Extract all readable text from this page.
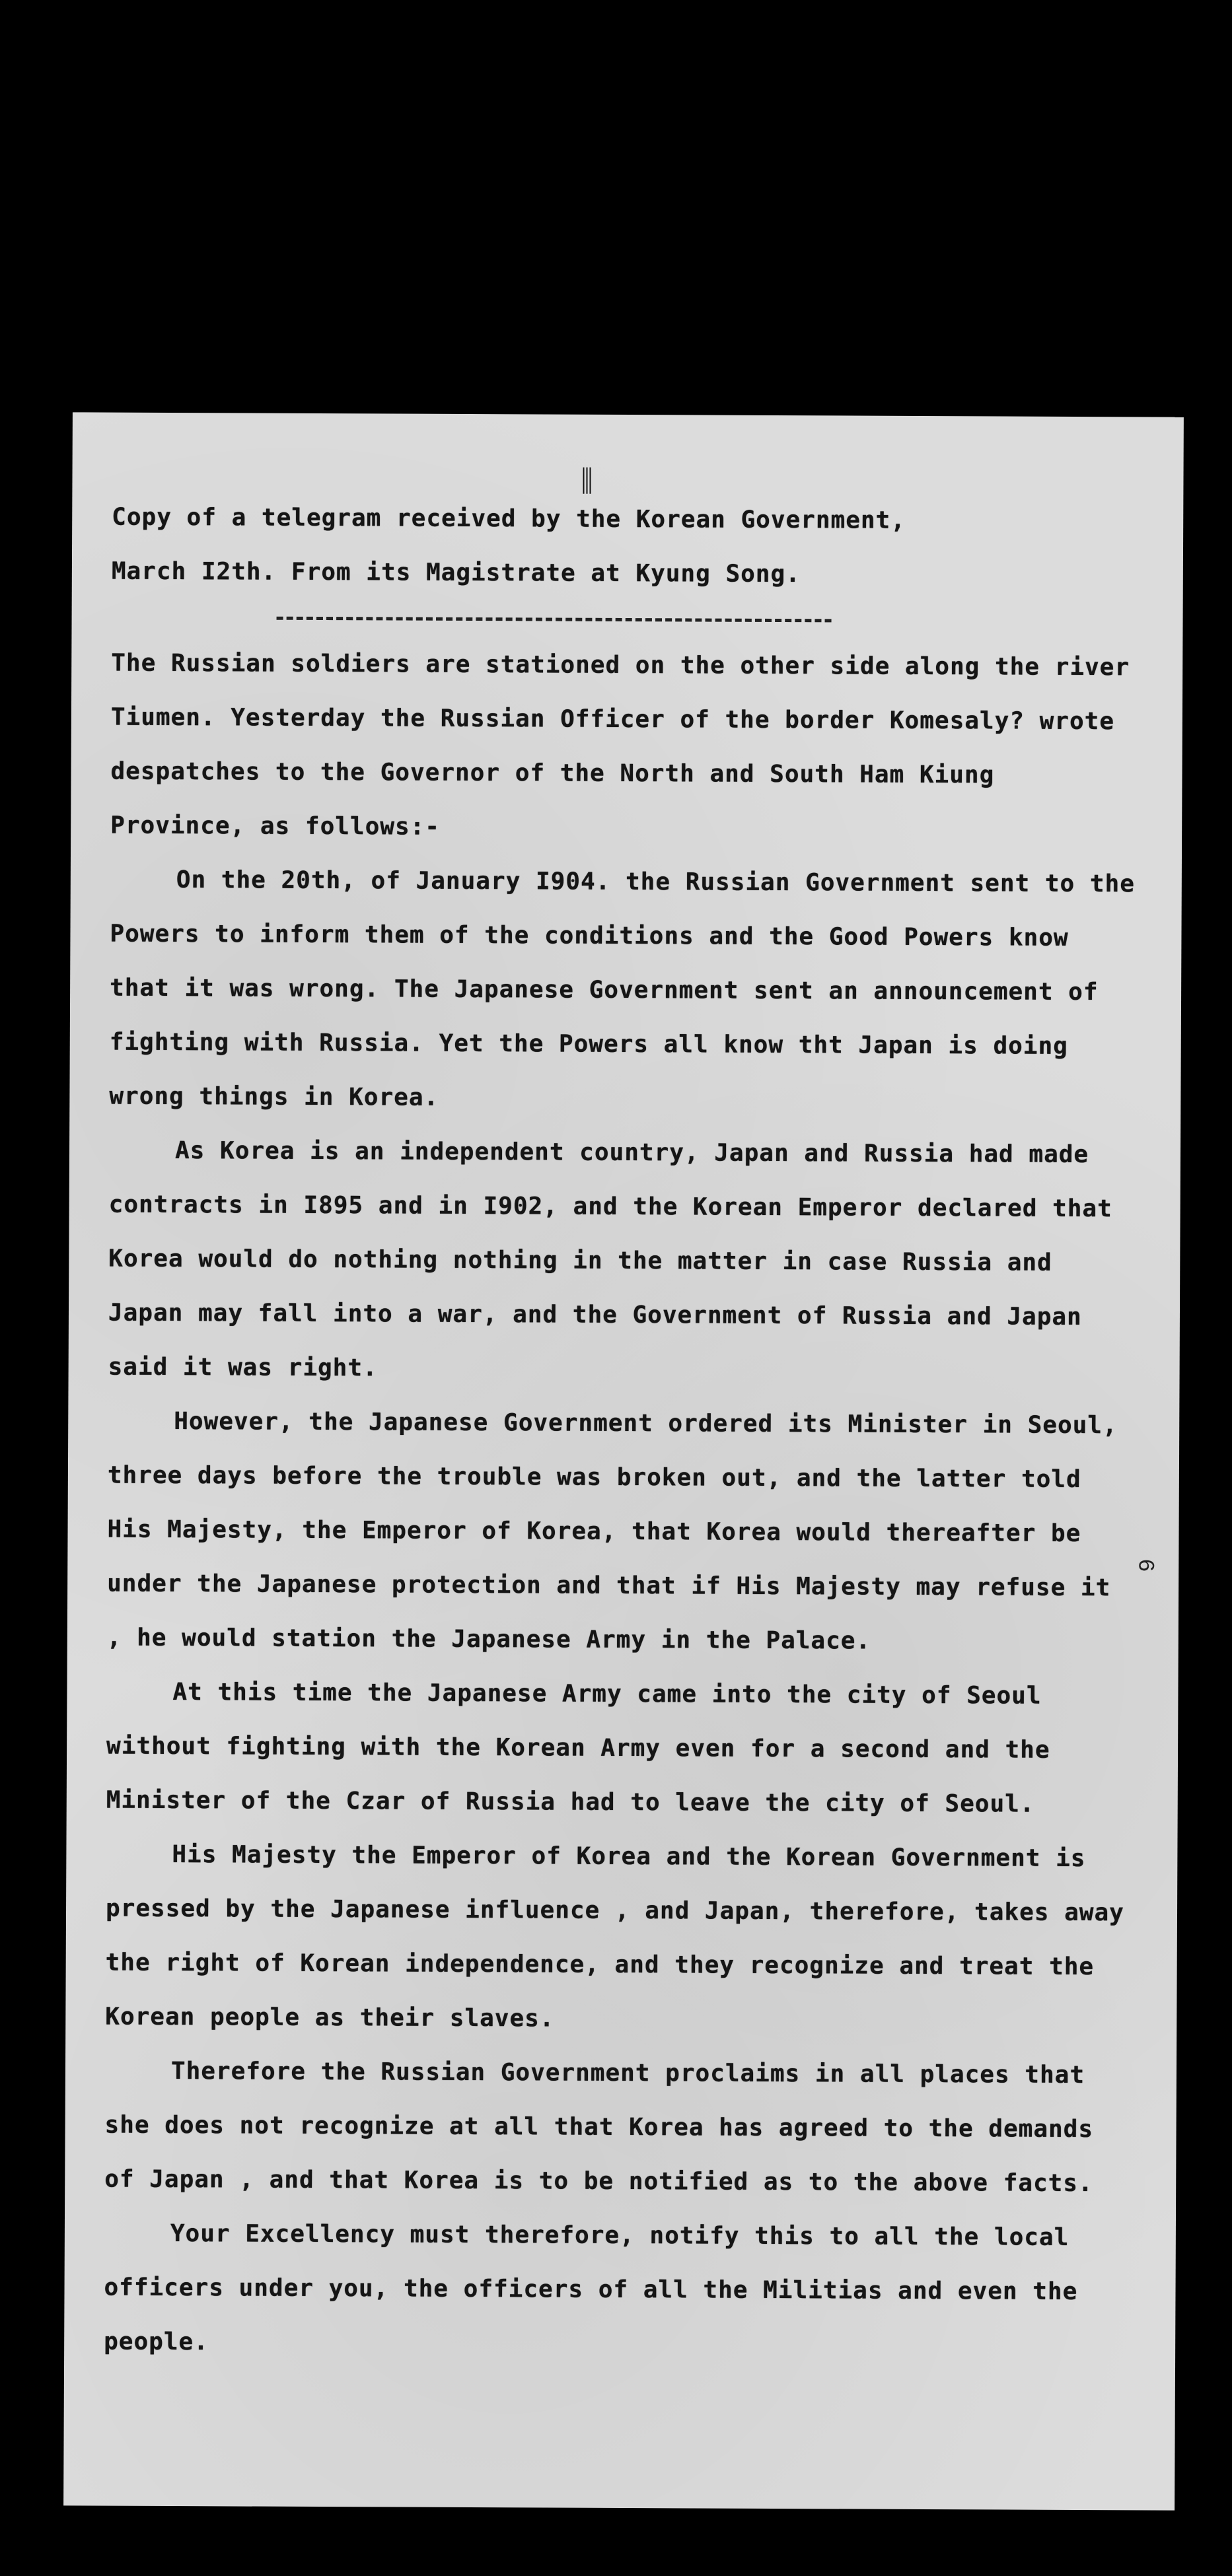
6
Copy of a telegram received by the Korean Government,
March I2th. From its Magistrate at Kyung Song.

The Russian soldiers are stationed on the other side along the river Tiumen. Yesterday the Russian Officer of the border Komesaly? wrote despatches to the Governor of the North and South Ham Kiung Province, as follows:-

On the 20th, of January I904. the Russian Government sent to the Powers to inform them of the conditions and the Good Powers know that it was wrong. The Japanese Government sent an announcement of fighting with Russia. Yet the Powers all know tht Japan is doing wrong things in Korea.

As Korea is an independent country, Japan and Russia had made contracts in I895 and in I902, and the Korean Emperor declared that Korea would do nothing nothing in the matter in case Russia and Japan may fall into a war, and the Government of Russia and Japan said it was right.

However, the Japanese Government ordered its Minister in Seoul, three days before the trouble was broken out, and the latter told His Majesty, the Emperor of Korea, that Korea would thereafter be under the Japanese protection and that if His Majesty may refuse it , he would station the Japanese Army in the Palace.

At this time the Japanese Army came into the city of Seoul without fighting with the Korean Army even for a second and the Minister of the Czar of Russia had to leave the city of Seoul.

His Majesty the Emperor of Korea and the Korean Government is pressed by the Japanese influence , and Japan, therefore, takes away the right of Korean independence, and they recognize and treat the Korean people as their slaves.

Therefore the Russian Government proclaims in all places that she does not recognize at all that Korea has agreed to the demands of Japan , and that Korea is to be notified as to the above facts.

Your Excellency must therefore, notify this to all the local officers under you, the officers of all the Militias and even the people.
